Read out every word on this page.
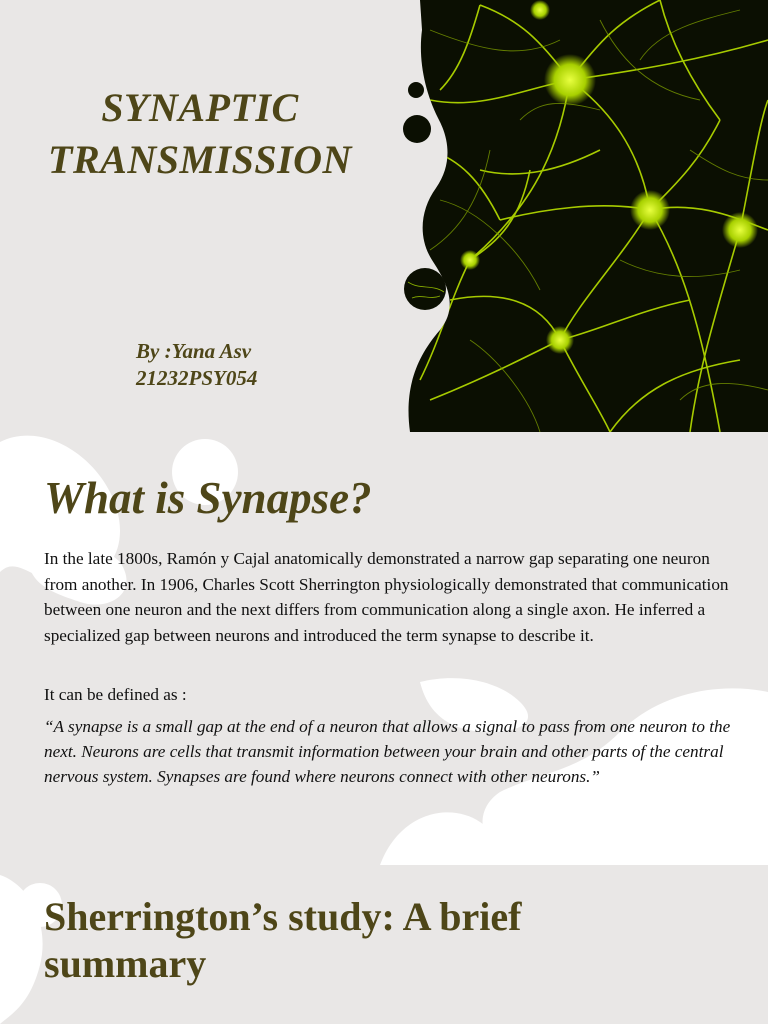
SYNAPTIC
TRANSMISSION
By :Yana Asv
21232PSY054
What is Synapse?

In the late 1800s, Ramón y Cajal anatomically demonstrated a narrow gap separating one neuron from another. In 1906, Charles Scott Sherrington physiologically demonstrated that communication between one neuron and the next differs from communication along a single axon. He inferred a specialized gap between neurons and introduced the term synapse to describe it.

It can be defined as :
“A synapse is a small gap at the end of a neuron that allows a signal to pass from one neuron to the next. Neurons are cells that transmit information between your brain and other parts of the central nervous system. Synapses are found where neurons connect with other neurons.”
Sherrington’s study: A brief summary
